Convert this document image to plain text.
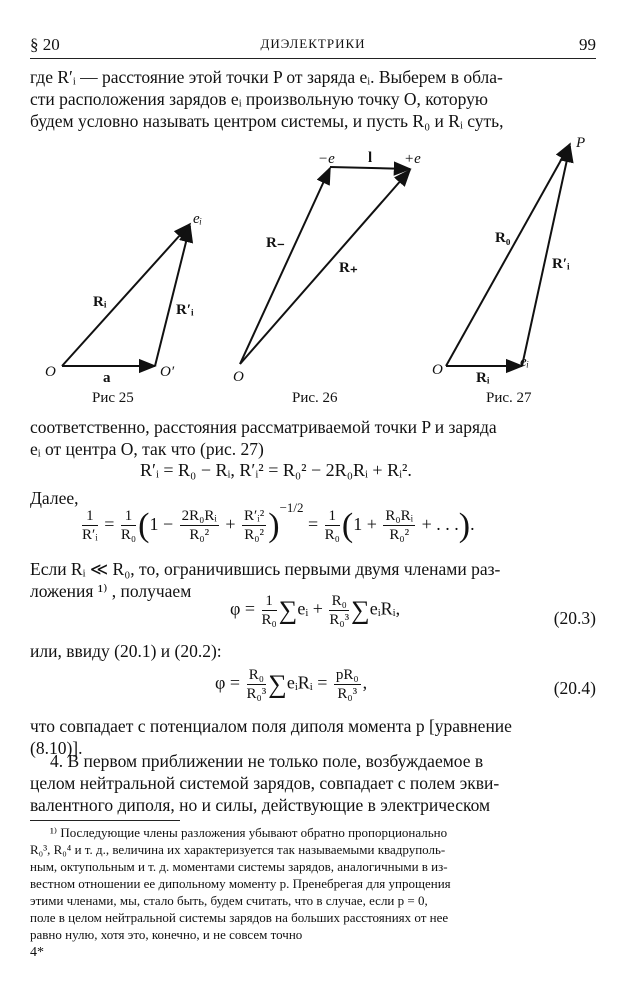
§ 20	ДИЭЛЕКТРИКИ	99
где R′ᵢ — расстояние этой точки P от заряда eᵢ. Выберем в обла-
сти расположения зарядов eᵢ произвольную точку O, которую
будем условно называть центром системы, и пусть R₀ и Rᵢ суть,
O	O′
a
Rᵢ	R′ᵢ
eᵢ
Рис 25
O
−e l +e
R₋
R₊
Рис. 26
O
P
R₀
R′ᵢ
Rᵢ
eᵢ
Рис. 27
соответственно, расстояния рассматриваемой точки P и заряда
eᵢ от центра O, так что (рис. 27)
R′ᵢ = R₀ − Rᵢ, R′ᵢ² = R₀² − 2R₀Rᵢ + Rᵢ².
Далее,
$\frac{1}{\text{R′ᵢ}} = \frac{1}{\text{R₀}} (1 - \frac{\text{2R₀Rᵢ}}{\text{R₀²}} + \frac{\text{R′ᵢ²}}{\text{R₀²}} )^{-1/2} = \frac{1}{\text{R₀}} (1 + \frac{\text{R₀Rᵢ}}{\text{R₀²}}$ + . . .).
Если Rᵢ ≪ R₀, то, ограничившись первыми двумя членами раз-
ложения ¹⁾ , получаем
$\varphi = \frac{1}{\text{R₀}}$ ∑eᵢ + $\frac{\text{R₀}}{\text{R₀³}}$ ∑eᵢRᵢ,	(20.3)
или, ввиду (20.1) и (20.2):
$\varphi = \frac{\text{R₀}}{\text{R₀³}}$ ∑eᵢRᵢ = $\frac{\text{pR₀}}{\text{R₀³}}$ ,	(20.4)
что совпадает с потенциалом поля диполя момента p [уравнение
(8.10)].
4. В первом приближении не только поле, возбуждаемое в
целом нейтральной системой зарядов, совпадает с полем экви-
валентного диполя, но и силы, действующие в электрическом
¹⁾ Последующие члены разложения убывают обратно пропорционально
R₀³, R₀⁴ и т. д., величина их характеризуется так называемыми квадруполь-
ным, октупольным и т. д. моментами системы зарядов, аналогичными в из-
вестном отношении ее дипольному моменту p. Пренебрегая для упрощения
этими членами, мы, стало быть, будем считать, что в случае, если p = 0,
поле в целом нейтральной системы зарядов на больших расстояниях от нее
равно нулю, хотя это, конечно, и не совсем точно
4*
